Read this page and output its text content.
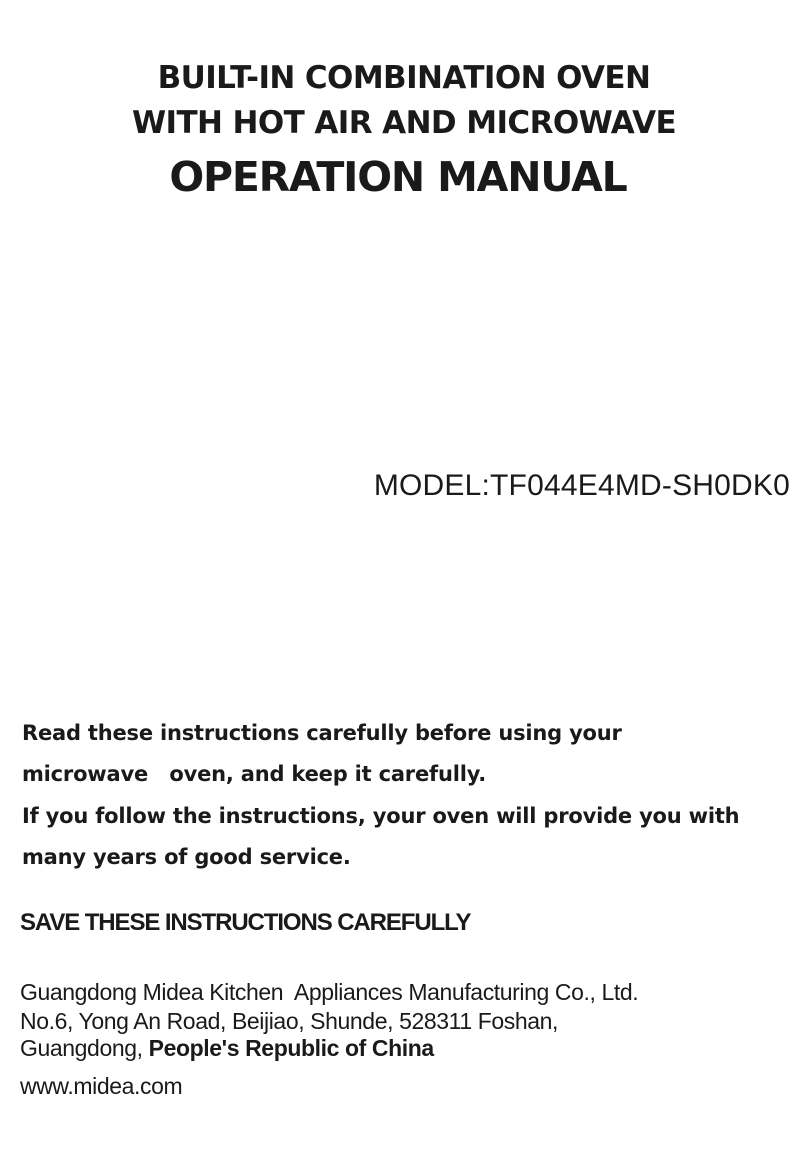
BUILT-IN COMBINATION OVEN
WITH HOT AIR AND MICROWAVE
OPERATION MANUAL
MODEL:TF044E4MD-SH0DK0
Read these instructions carefully before using your
microwave   oven, and keep it carefully.
If you follow the instructions, your oven will provide you with
many years of good service.
SAVE THESE INSTRUCTIONS CAREFULLY
Guangdong Midea Kitchen  Appliances Manufacturing Co., Ltd.
No.6, Yong An Road, Beijiao, Shunde, 528311 Foshan,
Guangdong, People's Republic of China
www.midea.com
